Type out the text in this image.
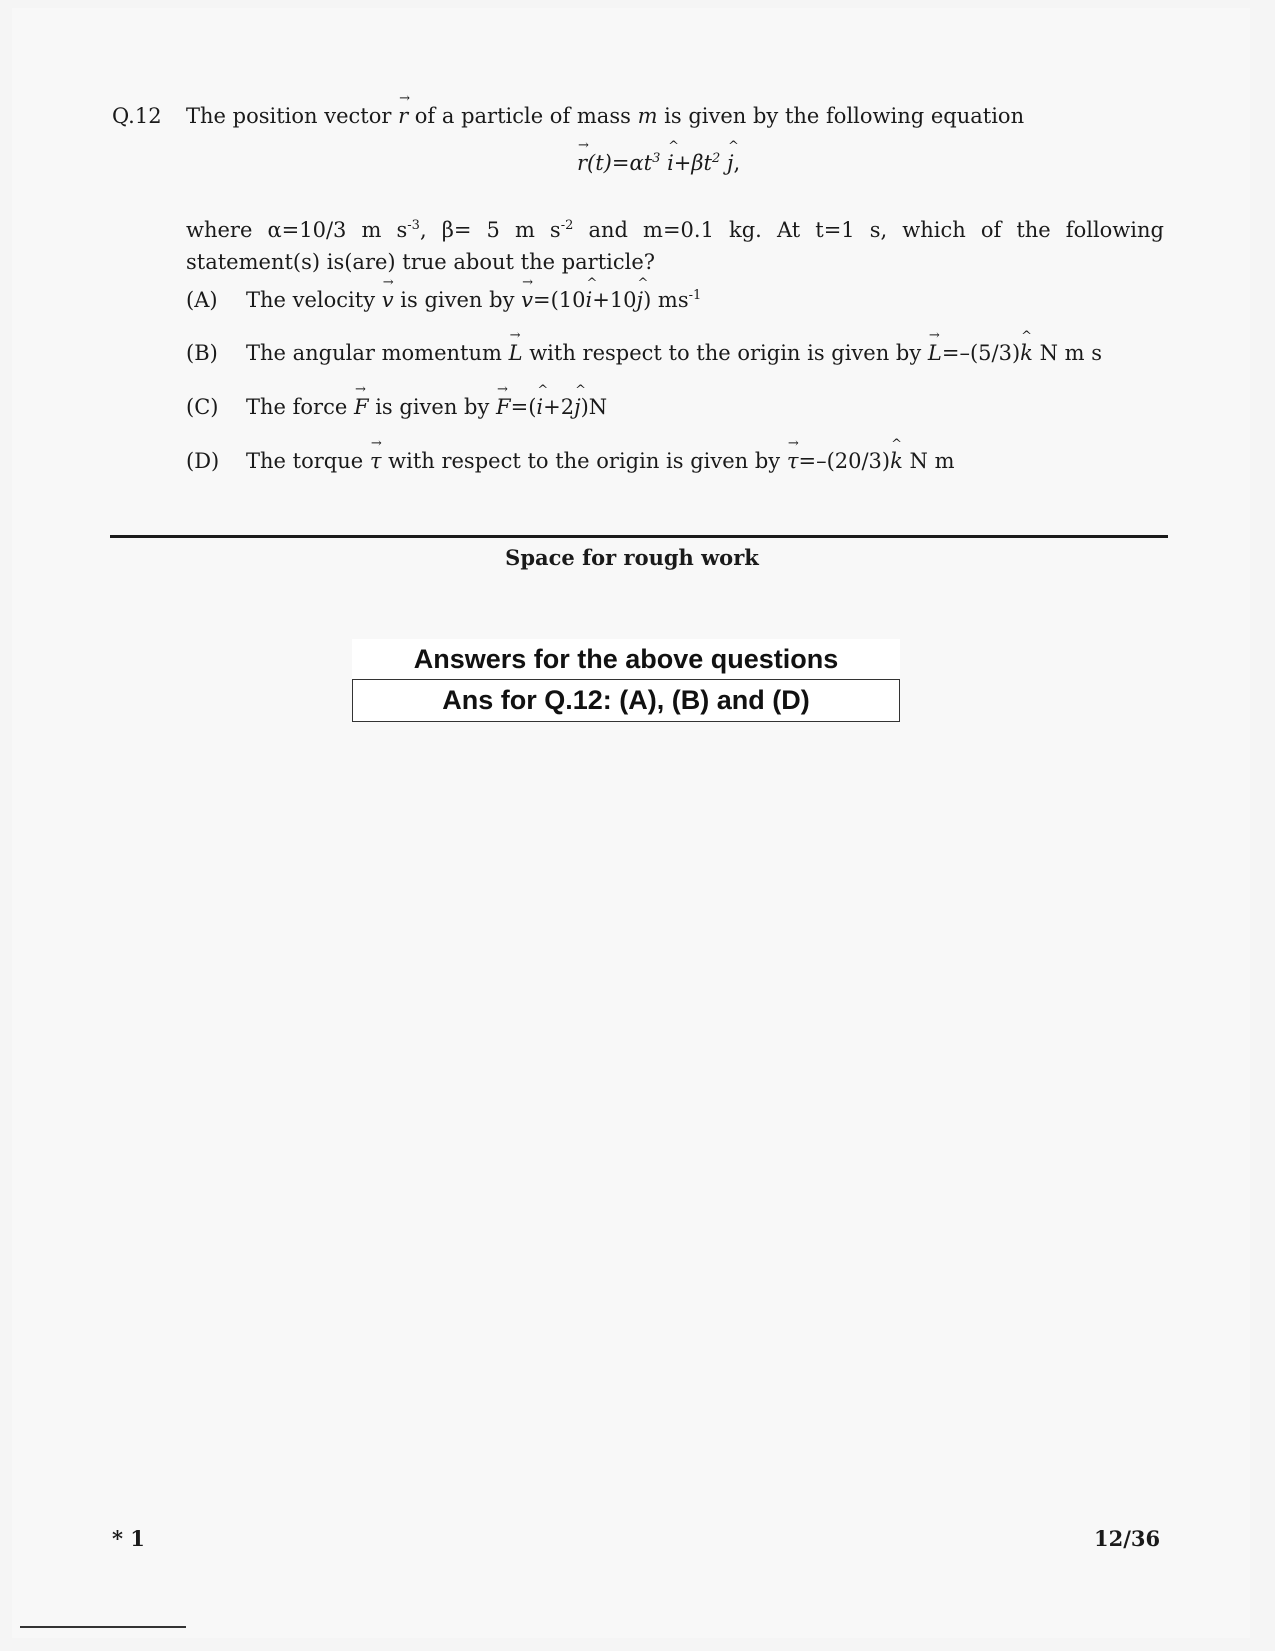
Q.12 The position vector → r of a particle of mass m is given by the following equation
→ $r(t)=\alpha t^3$ ^ $i+\beta t^2$ ^ j,
where α=10/3 m $s^{-3}$, β= 5 m $s^{-2}$ and m=0.1 kg. At t=1 s, which of the following
statement(s) is(are) true about the particle?
(A) The velocity → v is given by → v=(10^ i+10^ j) $ms^{-1}$
(B) The angular momentum → L with respect to the origin is given by → L=–(5/3)^ k N m s
(C) The force → F is given by → F=(^ i+2^ j)N
(D) The torque → τ with respect to the origin is given by → τ=–(20/3)^ k N m
Space for rough work
Answers for the above questions
Ans for Q.12: (A), (B) and (D)
* 1	12/36
